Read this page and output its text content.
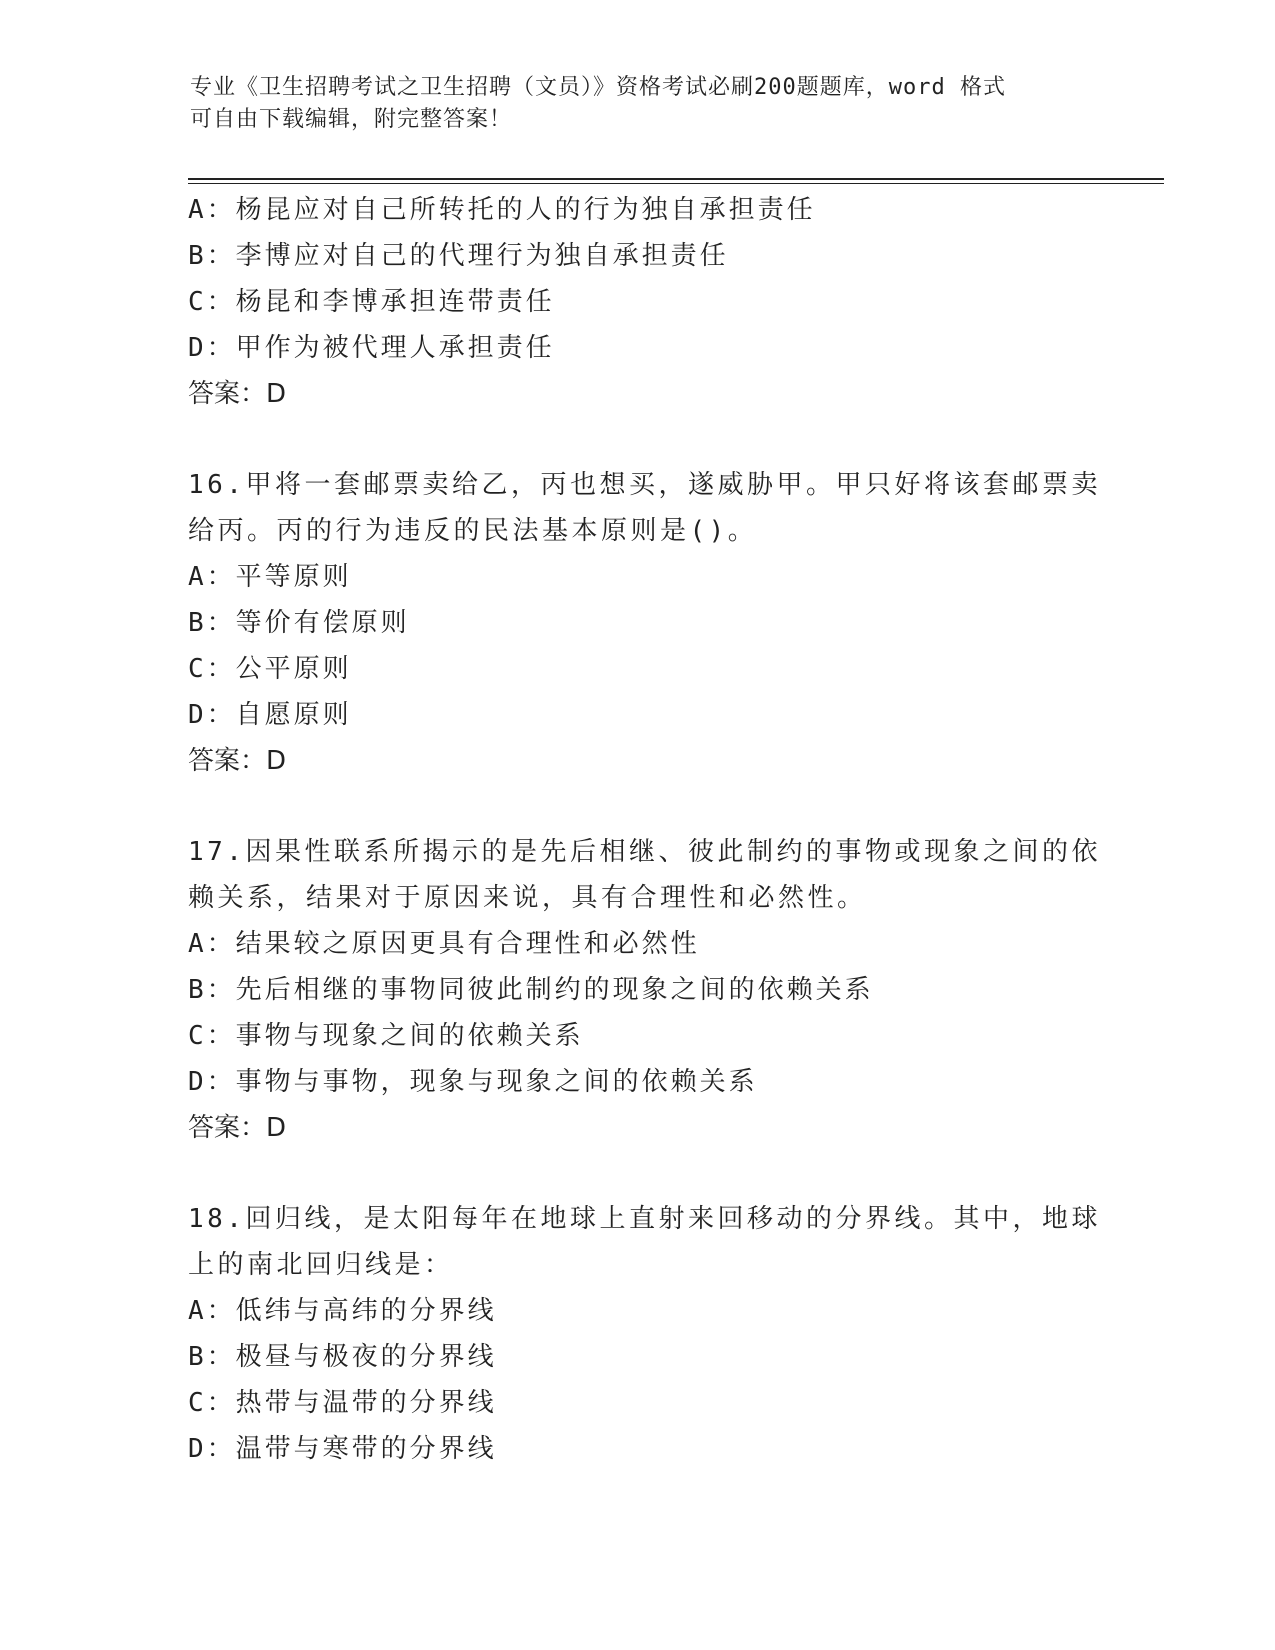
专业《卫生招聘考试之卫生招聘（文员）》资格考试必刷200题题库，word 格式
可自由下载编辑，附完整答案！
A：杨昆应对自己所转托的人的行为独自承担责任
B：李博应对自己的代理行为独自承担责任
C：杨昆和李博承担连带责任
D：甲作为被代理人承担责任
答案：D
16.甲将一套邮票卖给乙，丙也想买，遂威胁甲。甲只好将该套邮票卖
给丙。丙的行为违反的民法基本原则是()。
A：平等原则
B：等价有偿原则
C：公平原则
D：自愿原则
答案：D
17.因果性联系所揭示的是先后相继、彼此制约的事物或现象之间的依
赖关系，结果对于原因来说，具有合理性和必然性。
A：结果较之原因更具有合理性和必然性
B：先后相继的事物同彼此制约的现象之间的依赖关系
C：事物与现象之间的依赖关系
D：事物与事物，现象与现象之间的依赖关系
答案：D
18.回归线，是太阳每年在地球上直射来回移动的分界线。其中，地球
上的南北回归线是：
A：低纬与高纬的分界线
B：极昼与极夜的分界线
C：热带与温带的分界线
D：温带与寒带的分界线
